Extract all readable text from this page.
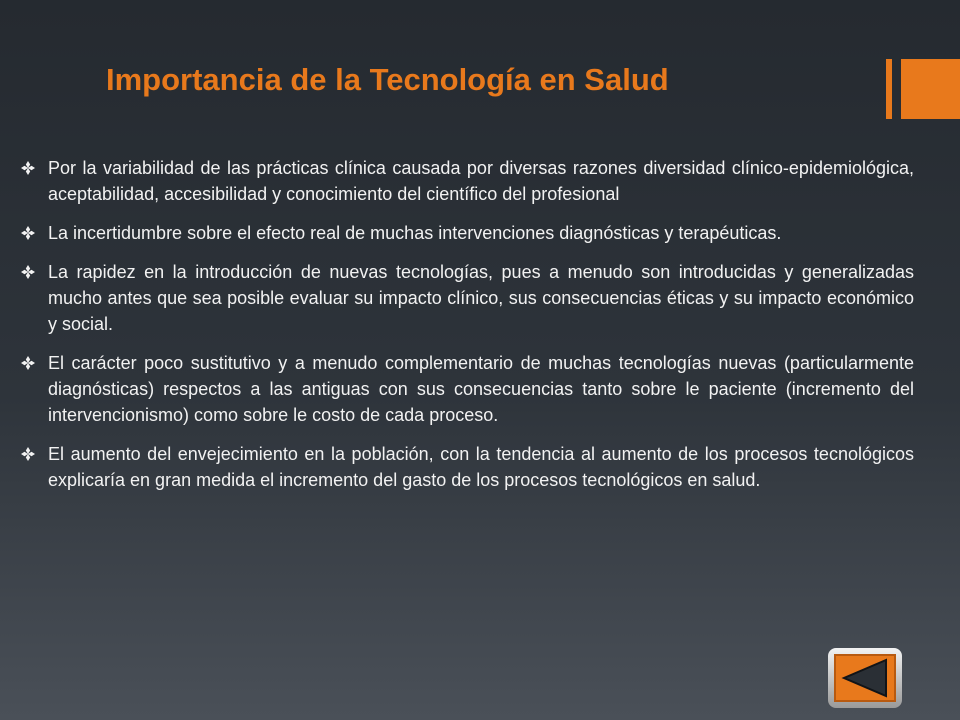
Importancia de la Tecnología en Salud
Por la variabilidad de las prácticas clínica causada por diversas razones diversidad clínico-epidemiológica, aceptabilidad, accesibilidad y conocimiento del científico del profesional
La incertidumbre sobre el efecto real de muchas intervenciones diagnósticas y terapéuticas.
La rapidez en la introducción de nuevas tecnologías, pues a menudo son introducidas y generalizadas mucho antes que sea posible evaluar su impacto clínico, sus consecuencias éticas y su impacto económico y social.
El carácter poco sustitutivo y a menudo complementario de muchas tecnologías nuevas (particularmente diagnósticas) respectos a las antiguas con sus consecuencias tanto sobre le paciente (incremento del intervencionismo) como sobre le costo de cada proceso.
El aumento del envejecimiento en la población, con la tendencia al aumento de los procesos tecnológicos explicaría en gran medida el incremento del gasto de los procesos tecnológicos en salud.
